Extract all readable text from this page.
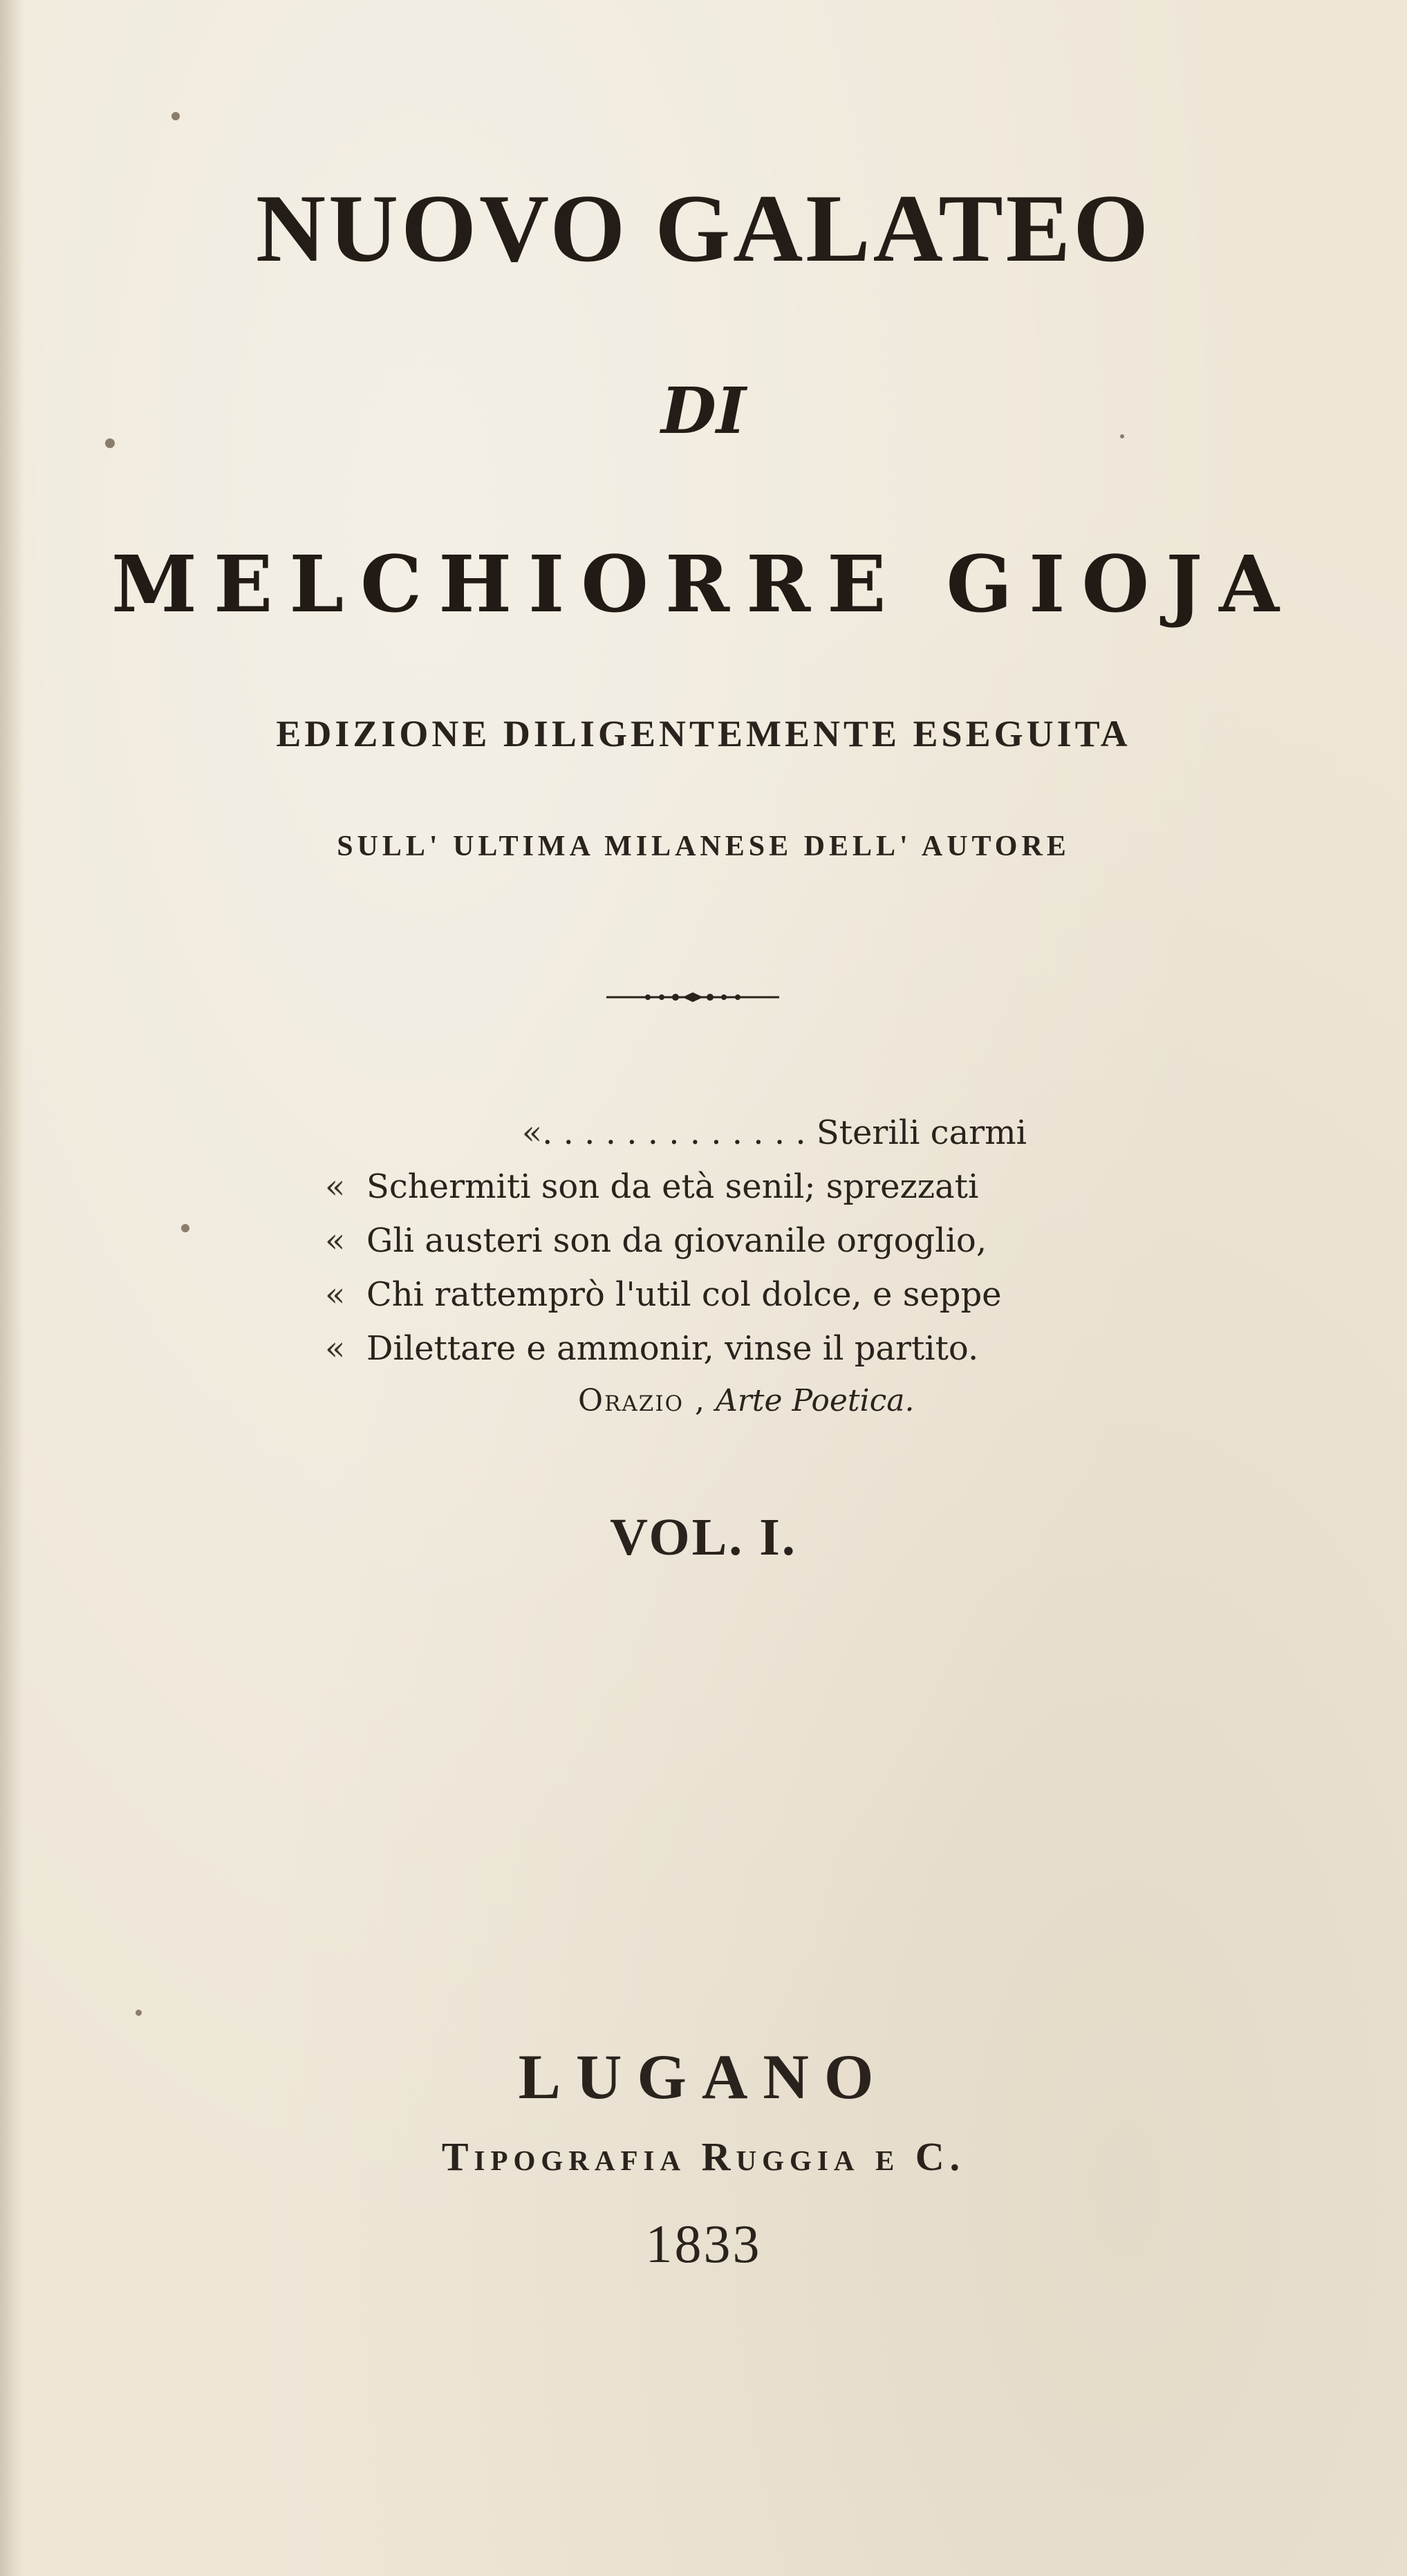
NUOVO GALATEO
DI
MELCHIORRE GIOJA
EDIZIONE DILIGENTEMENTE ESEGUITA
SULL' ULTIMA MILANESE DELL' AUTORE
«. . . . . . . . . . . . . Sterili carmi
« Schermiti son da età senil; sprezzati
« Gli austeri son da giovanile orgoglio,
« Chi rattemprò l'util col dolce, e seppe
« Dilettare e ammonir, vinse il partito.
Orazio , Arte Poetica.
VOL. I.
LUGANO
Tipografia Ruggia e C.
1833
